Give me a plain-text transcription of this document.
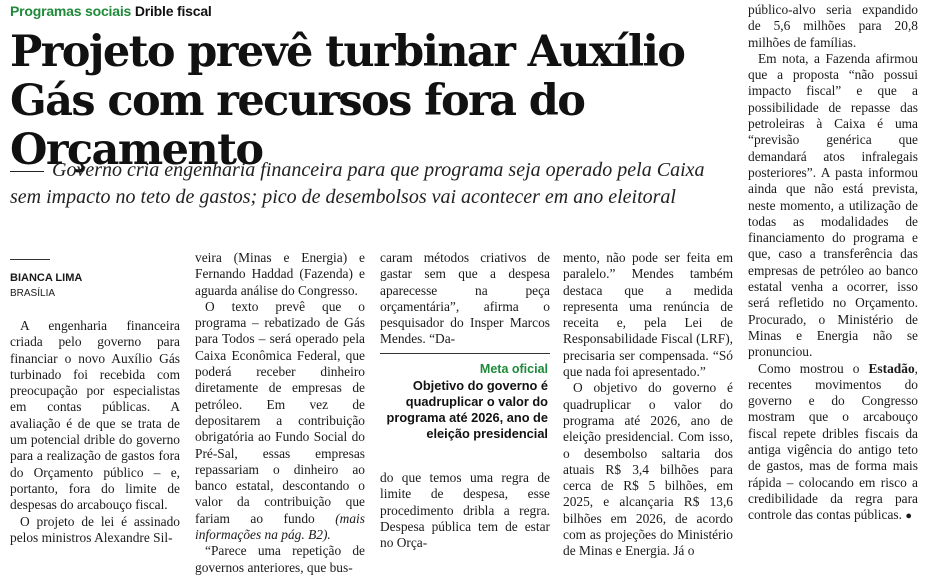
Programas sociais Drible fiscal
Projeto prevê turbinar Auxílio Gás com recursos fora do Orçamento
Governo cria engenharia financeira para que programa seja operado pela Caixa sem impacto no teto de gastos; pico de desembolsos vai acontecer em ano eleitoral
BIANCA LIMA
BRASÍLIA

A engenharia financeira criada pelo governo para financiar o novo Auxílio Gás turbinado foi recebida com preocupação por especialistas em contas públicas. A avaliação é de que se trata de um potencial drible do governo para a realização de gastos fora do Orçamento público – e, portanto, fora do limite de despesas do arcabouço fiscal.

O projeto de lei é assinado pelos ministros Alexandre Sil-

veira (Minas e Energia) e Fernando Haddad (Fazenda) e aguarda análise do Congresso.

O texto prevê que o programa – rebatizado de Gás para Todos – será operado pela Caixa Econômica Federal, que poderá receber dinheiro diretamente de empresas de petróleo. Em vez de depositarem a contribuição obrigatória ao Fundo Social do Pré-Sal, essas empresas repassariam o dinheiro ao banco estatal, descontando o valor da contribuição que fariam ao fundo (mais informações na pág. B2).

“Parece uma repetição de governos anteriores, que bus-

caram métodos criativos de gastar sem que a despesa aparecesse na peça orçamentária”, afirma o pesquisador do Insper Marcos Mendes. “Da-

Meta oficial
Objetivo do governo é quadruplicar o valor do programa até 2026, ano de eleição presidencial

do que temos uma regra de limite de despesa, esse procedimento dribla a regra. Despesa pública tem de estar no Orça-

mento, não pode ser feita em paralelo.” Mendes também destaca que a medida representa uma renúncia de receita e, pela Lei de Responsabilidade Fiscal (LRF), precisaria ser compensada. “Só que nada foi apresentado.”

O objetivo do governo é quadruplicar o valor do programa até 2026, ano de eleição presidencial. Com isso, o desembolso saltaria dos atuais R$ 3,4 bilhões para cerca de R$ 5 bilhões, em 2025, e alcançaria R$ 13,6 bilhões em 2026, de acordo com as projeções do Ministério de Minas e Energia. Já o

público-alvo seria expandido de 5,6 milhões para 20,8 milhões de famílias.

Em nota, a Fazenda afirmou que a proposta “não possui impacto fiscal” e que a possibilidade de repasse das petroleiras à Caixa é uma “previsão genérica que demandará atos infralegais posteriores”. A pasta informou ainda que não está prevista, neste momento, a utilização de todas as modalidades de financiamento do programa e que, caso a transferência das empresas de petróleo ao banco estatal venha a ocorrer, isso será refletido no Orçamento. Procurado, o Ministério de Minas e Energia não se pronunciou.

Como mostrou o Estadão, recentes movimentos do governo e do Congresso mostram que o arcabouço fiscal repete dribles fiscais da antiga vigência do antigo teto de gastos, mas de forma mais rápida – colocando em risco a credibilidade da regra para controle das contas públicas. ●
